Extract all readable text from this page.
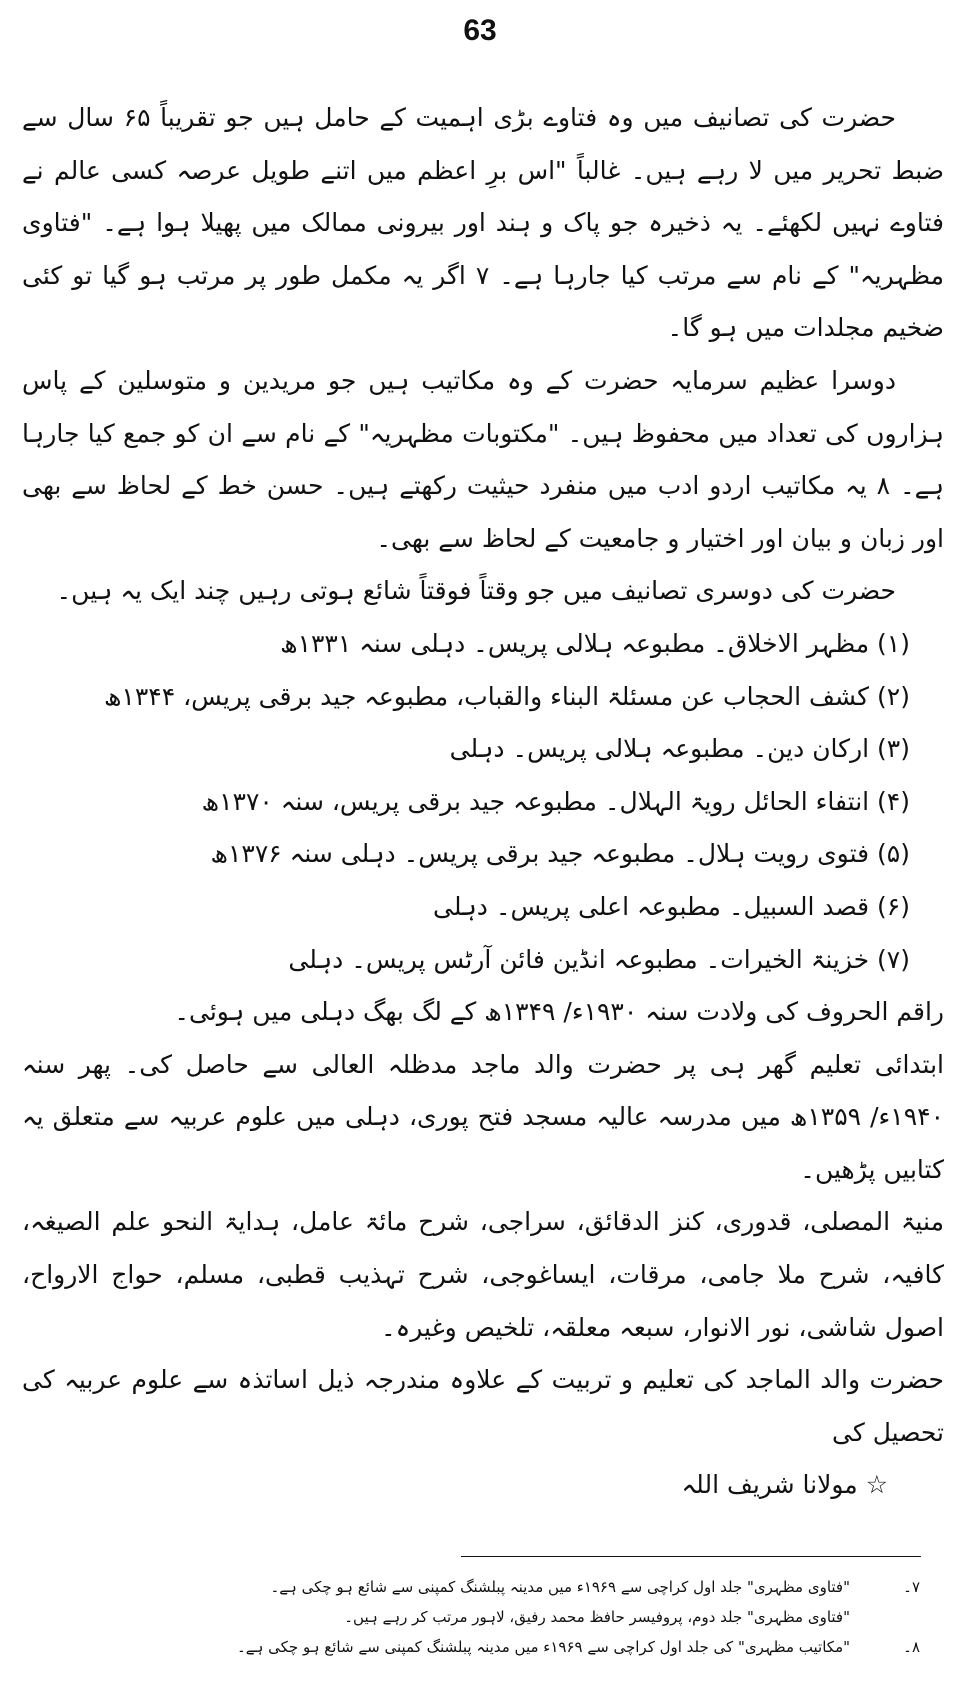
63

حضرت کی تصانیف میں وہ فتاوے بڑی اہمیت کے حامل ہیں جو تقریباً ۶۵ سال سے ضبط تحریر میں لا رہے ہیں۔ غالباً "اس برِ اعظم میں اتنے طویل عرصہ کسی عالم نے فتاوے نہیں لکھئے۔ یہ ذخیرہ جو پاک و ہند اور بیرونی ممالک میں پھیلا ہوا ہے۔ "فتاوی مظہریہ" کے نام سے مرتب کیا جارہا ہے۔ ۷ اگر یہ مکمل طور پر مرتب ہو گیا تو کئی ضخیم مجلدات میں ہو گا۔

دوسرا عظیم سرمایہ حضرت کے وہ مکاتیب ہیں جو مریدین و متوسلین کے پاس ہزاروں کی تعداد میں محفوظ ہیں۔ "مکتوبات مظہریہ" کے نام سے ان کو جمع کیا جارہا ہے۔ ۸ یہ مکاتیب اردو ادب میں منفرد حیثیت رکھتے ہیں۔ حسن خط کے لحاظ سے بھی اور زبان و بیان اور اختیار و جامعیت کے لحاظ سے بھی۔

حضرت کی دوسری تصانیف میں جو وقتاً فوقتاً شائع ہوتی رہیں چند ایک یہ ہیں۔

(۱) مظہر الاخلاق۔ مطبوعہ ہلالی پریس۔ دہلی سنہ ۱۳۳۱ھ
(۲) کشف الحجاب عن مسئلۃ البناء والقباب، مطبوعہ جید برقی پریس، ۱۳۴۴ھ
(۳) ارکان دین۔ مطبوعہ ہلالی پریس۔ دہلی
(۴) انتفاء الحائل رویۃ الہلال۔ مطبوعہ جید برقی پریس، سنہ ۱۳۷۰ھ
(۵) فتوی رویت ہلال۔ مطبوعہ جید برقی پریس۔ دہلی سنہ ۱۳۷۶ھ
(۶) قصد السبیل۔ مطبوعہ اعلی پریس۔ دہلی
(۷) خزینۃ الخیرات۔ مطبوعہ انڈین فائن آرٹس پریس۔ دہلی

راقم الحروف کی ولادت سنہ ۱۹۳۰ء/ ۱۳۴۹ھ کے لگ بھگ دہلی میں ہوئی۔

ابتدائی تعلیم گھر ہی پر حضرت والد ماجد مدظلہ العالی سے حاصل کی۔ پھر سنہ ۱۹۴۰ء/ ۱۳۵۹ھ میں مدرسہ عالیہ مسجد فتح پوری، دہلی میں علوم عربیہ سے متعلق یہ کتابیں پڑھیں۔

منیۃ المصلی، قدوری، کنز الدقائق، سراجی، شرح مائۃ عامل، ہدایۃ النحو علم الصیغہ، کافیہ، شرح ملا جامی، مرقات، ایساغوجی، شرح تہذیب قطبی، مسلم، حواج الارواح، اصول شاشی، نور الانوار، سبعہ معلقہ، تلخیص وغیرہ۔

حضرت والد الماجد کی تعلیم و تربیت کے علاوہ مندرجہ ذیل اساتذہ سے علوم عربیہ کی تحصیل کی

☆ مولانا شریف اللہ

۷۔"فتاوی مظہری" جلد اول کراچی سے ۱۹۶۹ء میں مدینہ پبلشنگ کمپنی سے شائع ہو چکی ہے۔

"فتاوی مظہری" جلد دوم، پروفیسر حافظ محمد رفیق، لاہور مرتب کر رہے ہیں۔

۸۔"مکاتیب مظہری" کی جلد اول کراچی سے ۱۹۶۹ء میں مدینہ پبلشنگ کمپنی سے شائع ہو چکی ہے۔
